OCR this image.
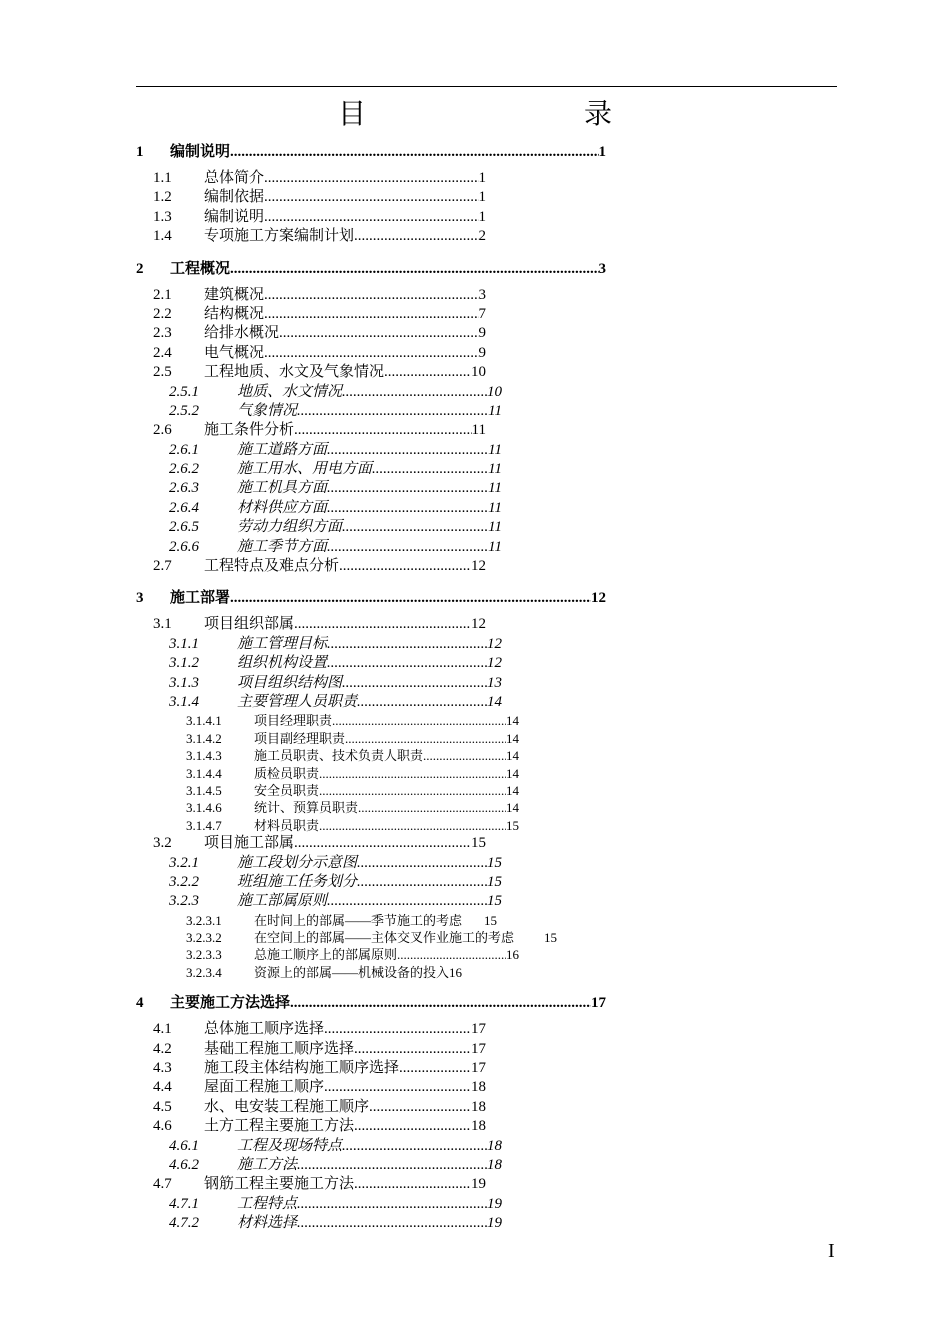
目　　录
1	编制说明 .....	1
1.1	总体简介 .....	1
1.2	编制依据 .....	1
1.3	编制说明 .....	1
1.4	专项施工方案编制计划 .....	2
2	工程概况 .....	3
2.1	建筑概况 .....	3
2.2	结构概况 .....	7
2.3	给排水概况 .....	9
2.4	电气概况 .....	9
2.5	工程地质、水文及气象情况 .....	10
2.5.1	地质、水文情况 .....	10
2.5.2	气象情况 .....	11
2.6	施工条件分析 .....	11
2.6.1	施工道路方面 .....	11
2.6.2	施工用水、用电方面 .....	11
2.6.3	施工机具方面 .....	11
2.6.4	材料供应方面 .....	11
2.6.5	劳动力组织方面 .....	11
2.6.6	施工季节方面 .....	11
2.7	工程特点及难点分析 .....	12
3	施工部署 .....	12
3.1	项目组织部属 .....	12
3.1.1	施工管理目标 .....	12
3.1.2	组织机构设置 .....	12
3.1.3	项目组织结构图 .....	13
3.1.4	主要管理人员职责 .....	14
3.1.4.1	项目经理职责 .....	14
3.1.4.2	项目副经理职责 .....	14
3.1.4.3	施工员职责、技术负责人职责 .....	14
3.1.4.4	质检员职责 .....	14
3.1.4.5	安全员职责 .....	14
3.1.4.6	统计、预算员职责 .....	14
3.1.4.7	材料员职责 .....	15
3.2	项目施工部属 .....	15
3.2.1	施工段划分示意图 .....	15
3.2.2	班组施工任务划分 .....	15
3.2.3	施工部属原则 .....	15
3.2.3.1	在时间上的部属——季节施工的考虑 15
3.2.3.2	在空间上的部属——主体交叉作业施工的考虑 15
3.2.3.3	总施工顺序上的部属原则 .....	16
3.2.3.4	资源上的部属——机械设备的投入 16
4	主要施工方法选择 .....	17
4.1	总体施工顺序选择 .....	17
4.2	基础工程施工顺序选择 .....	17
4.3	施工段主体结构施工顺序选择 .....	17
4.4	屋面工程施工顺序 .....	18
4.5	水、电安装工程施工顺序 .....	18
4.6	土方工程主要施工方法 .....	18
4.6.1	工程及现场特点 .....	18
4.6.2	施工方法 .....	18
4.7	钢筋工程主要施工方法 .....	19
4.7.1	工程特点 .....	19
4.7.2	材料选择 .....	19
I
